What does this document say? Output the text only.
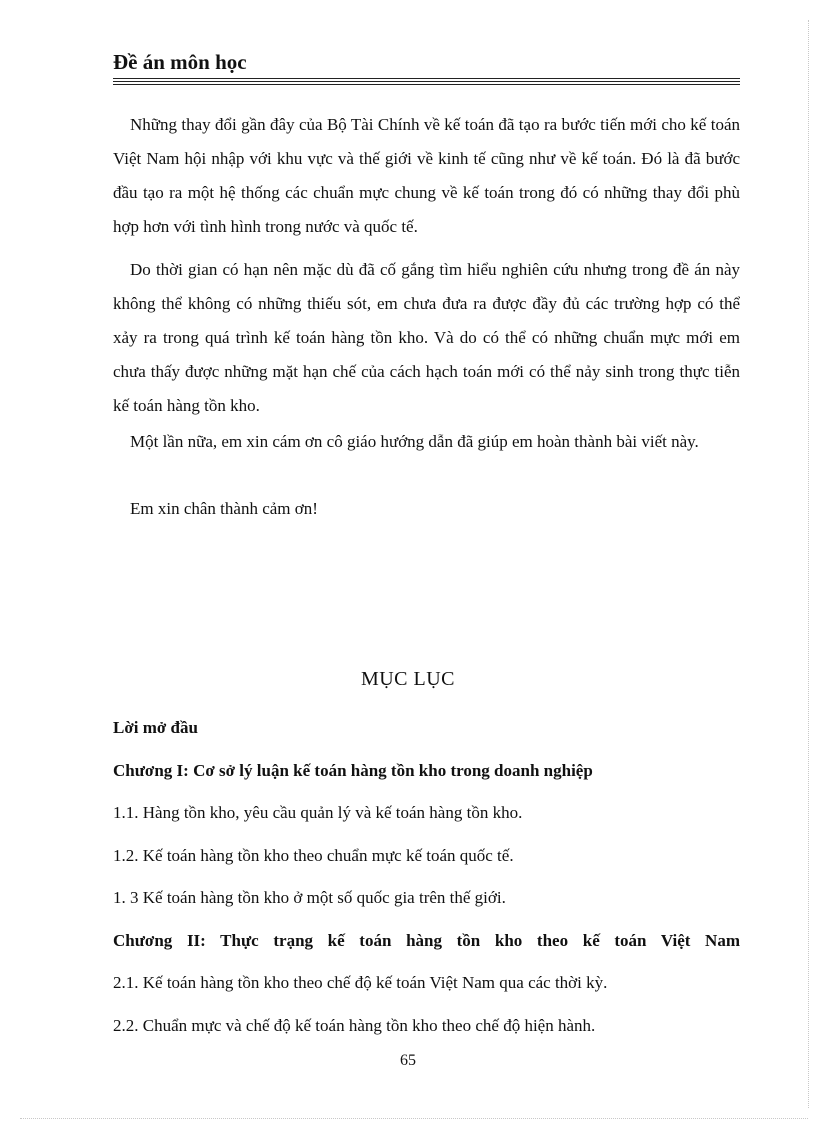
Đề án môn học

Những thay đổi gần đây của Bộ Tài Chính về kế toán đã tạo ra bước tiến mới cho kế toán Việt Nam hội nhập với khu vực và thế giới về kinh tế cũng như về kế toán. Đó là đã bước đầu tạo ra một hệ thống các chuẩn mực chung về kế toán trong đó có những thay đổi phù hợp hơn với tình hình trong nước và quốc tế.

Do thời gian có hạn nên mặc dù đã cố gắng tìm hiểu nghiên cứu nhưng trong đề án này không thể không có những thiếu sót, em chưa đưa ra được đầy đủ các trường hợp có thể xảy ra trong quá trình kế toán hàng tồn kho. Và do có thể có những chuẩn mực mới em chưa thấy được những mặt hạn chế của cách hạch toán mới có thể nảy sinh trong thực tiễn kế toán hàng tồn kho.

Một lần nữa, em xin cám ơn cô giáo hướng dẫn đã giúp em hoàn thành bài viết này.

Em xin chân thành cảm ơn!

MỤC LỤC

Lời mở đầu

Chương I: Cơ sở lý luận kế toán hàng tồn kho trong doanh nghiệp

1.1. Hàng tồn kho, yêu cầu quản lý và kế toán hàng tồn kho.

1.2. Kế toán hàng tồn kho theo chuẩn mực kế toán quốc tế.

1. 3 Kế toán hàng tồn kho ở một số quốc gia trên thế giới.

Chương II: Thực trạng kế toán hàng tồn kho theo kế toán Việt Nam

2.1. Kế toán hàng tồn kho theo chế độ kế toán Việt Nam qua các thời kỳ.

2.2. Chuẩn mực và chế độ kế toán hàng tồn kho theo chế độ hiện hành.

65
